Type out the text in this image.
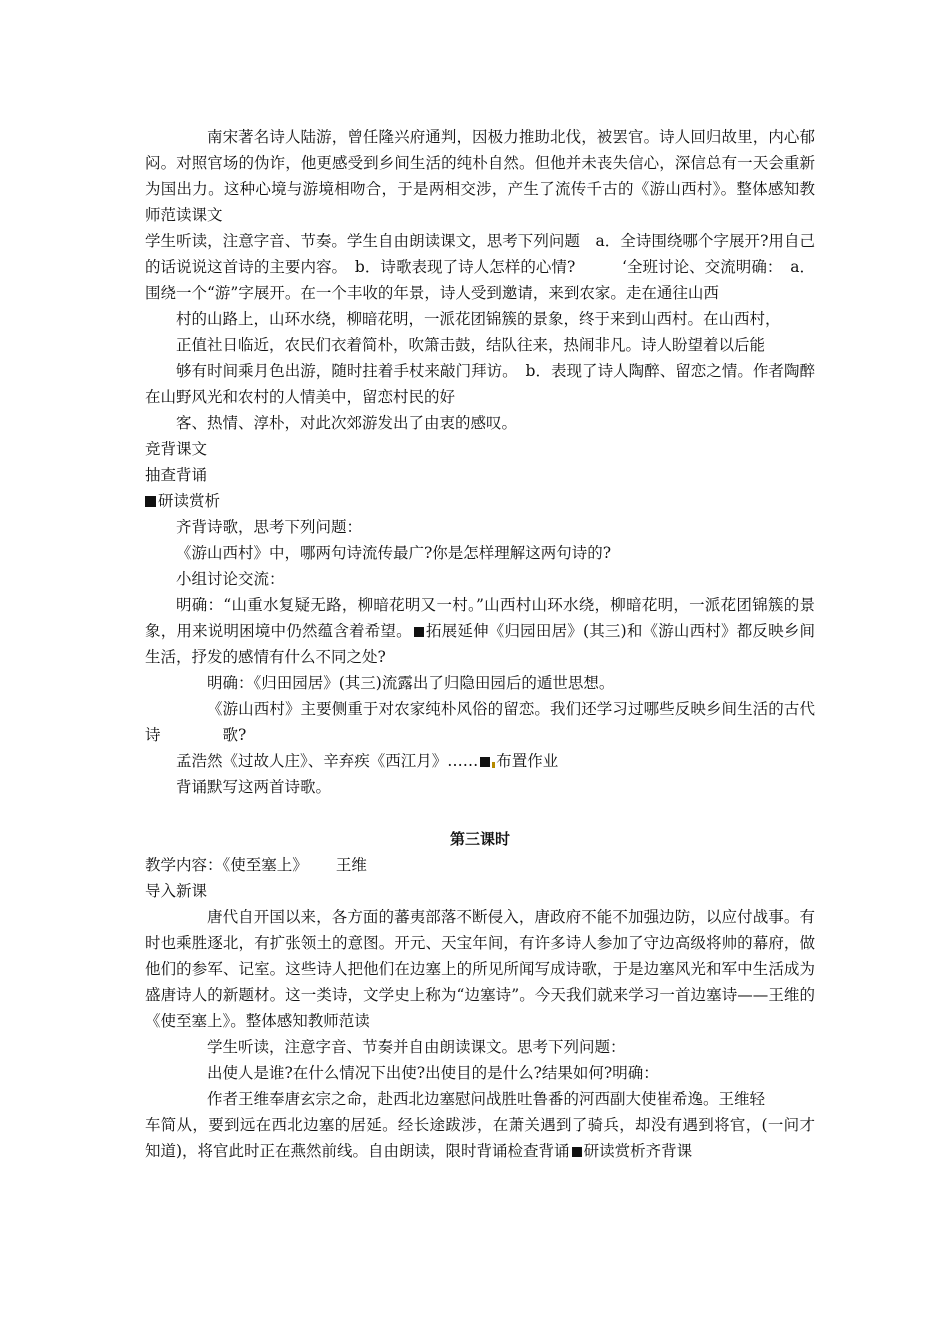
南宋著名诗人陆游，曾任隆兴府通判，因极力推助北伐，被罢官。诗人回归故里，内心郁闷。对照官场的伪诈，他更感受到乡间生活的纯朴自然。但他并未丧失信心，深信总有一天会重新为国出力。这种心境与游境相吻合，于是两相交涉，产生了流传千古的《游山西村》。整体感知教师范读课文

学生听读，注意字音、节奏。学生自由朗读课文，思考下列问题　a．全诗围绕哪个字展开?用自己的话说说这首诗的主要内容。　b．诗歌表现了诗人怎样的心情?　　　‘全班讨论、交流明确：　a．围绕一个“游”字展开。在一个丰收的年景，诗人受到邀请，来到农家。走在通往山西

村的山路上，山环水绕，柳暗花明，一派花团锦簇的景象，终于来到山西村。在山西村，

正值社日临近，农民们衣着简朴，吹箫击鼓，结队往来，热闹非凡。诗人盼望着以后能

够有时间乘月色出游，随时拄着手杖来敲门拜访。　b．表现了诗人陶醉、留恋之情。作者陶醉在山野风光和农村的人情美中，留恋村民的好

客、热情、淳朴，对此次郊游发出了由衷的感叹。

竞背课文

抽查背诵

研读赏析

齐背诗歌，思考下列问题：

《游山西村》中，哪两句诗流传最广?你是怎样理解这两句诗的?

小组讨论交流：

明确：“山重水复疑无路，柳暗花明又一村。”山西村山环水绕，柳暗花明，一派花团锦簇的景象，用来说明困境中仍然蕴含着希望。 拓展延伸《归园田居》(其三)和《游山西村》都反映乡间生活，抒发的感情有什么不同之处?

明确：《归田园居》(其三)流露出了归隐田园后的遁世思想。

《游山西村》主要侧重于对农家纯朴风俗的留恋。我们还学习过哪些反映乡间生活的古代诗	歌?

孟浩然《过故人庄》、辛弃疾《西江月》…… 布置作业

背诵默写这两首诗歌。

第三课时

教学内容：《使至塞上》　　 王维

导入新课

唐代自开国以来，各方面的蕃夷部落不断侵入，唐政府不能不加强边防，以应付战事。有时也乘胜逐北，有扩张领土的意图。开元、天宝年间，有许多诗人参加了守边高级将帅的幕府，做他们的参军、记室。这些诗人把他们在边塞上的所见所闻写成诗歌，于是边塞风光和军中生活成为盛唐诗人的新题材。这一类诗，文学史上称为“边塞诗”。今天我们就来学习一首边塞诗——王维的《使至塞上》。整体感知教师范读

学生听读，注意字音、节奏并自由朗读课文。思考下列问题：

出使人是谁?在什么情况下出使?出使目的是什么?结果如何?明确：

作者王维奉唐玄宗之命，赴西北边塞慰问战胜吐鲁番的河西副大使崔希逸。王维轻

车简从，要到远在西北边塞的居延。经长途跋涉，在萧关遇到了骑兵，却没有遇到将官，(一问才知道)，将官此时正在燕然前线。自由朗读，限时背诵检查背诵 研读赏析齐背课
